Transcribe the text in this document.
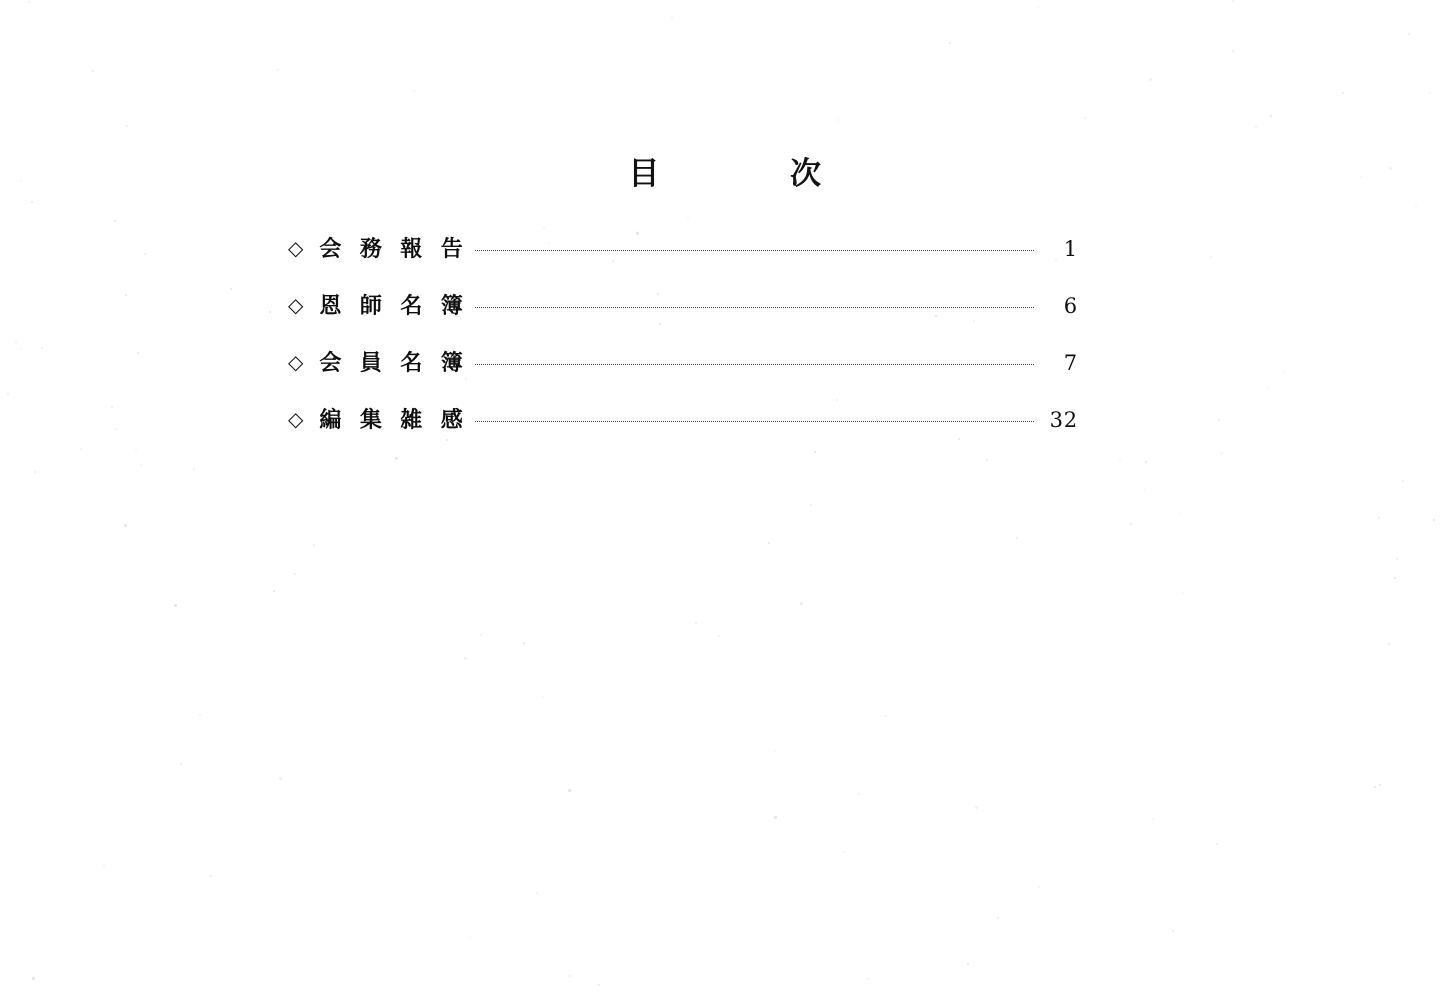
目	次
◇ 会 務 報 告	1
◇ 恩 師 名 簿	6
◇ 会 員 名 簿	7
◇ 編 集 雑 感	32
